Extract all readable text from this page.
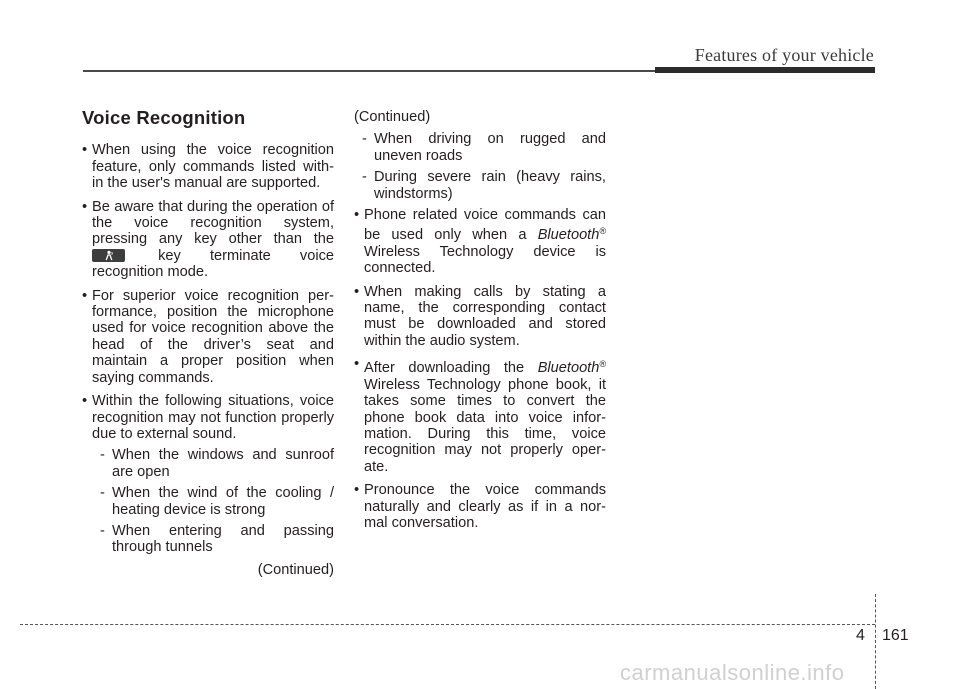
Features of your vehicle
Voice Recognition
• When using the voice recognition feature, only commands listed with- in the user's manual are supported.
• Be aware that during the operation of the voice recognition system, pressing any key other than the
key terminate voice recognition mode.
• For superior voice recognition per- formance, position the microphone used for voice recognition above the head of the driver’s seat and maintain a proper position when saying commands.
• Within the following situations, voice recognition may not function properly due to external sound.
- When the windows and sunroof are open
- When the wind of the cooling / heating device is strong
- When entering and passing through tunnels
(Continued)
(Continued)
- When driving on rugged and uneven roads
- During severe rain (heavy rains, windstorms)
• Phone related voice commands can be used only when a Bluetooth® Wireless Technology device is connected.
• When making calls by stating a name, the corresponding contact must be downloaded and stored within the audio system.
• After downloading the Bluetooth® Wireless Technology phone book, it takes some times to convert the phone book data into voice infor- mation. During this time, voice recognition may not properly oper- ate.
• Pronounce the voice commands naturally and clearly as if in a nor- mal conversation.
4 161
carmanualsonline.info
